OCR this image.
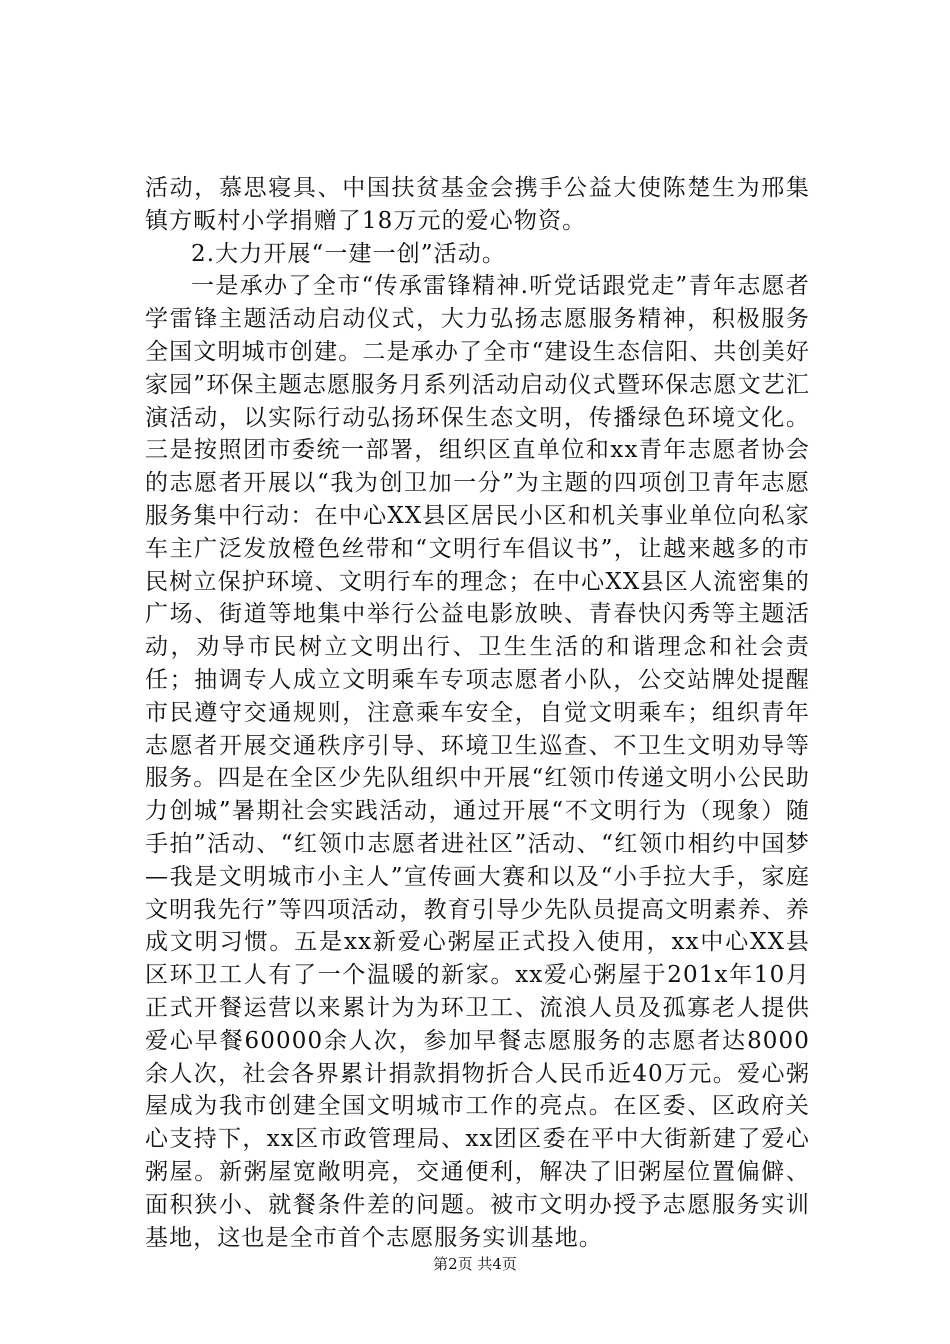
活动，慕思寝具、中国扶贫基金会携手公益大使陈楚生为邢集镇方畈村小学捐赠了18万元的爱心物资。

2.大力开展“一建一创”活动。

一是承办了全市“传承雷锋精神.听党话跟党走”青年志愿者学雷锋主题活动启动仪式，大力弘扬志愿服务精神，积极服务全国文明城市创建。二是承办了全市“建设生态信阳、共创美好家园”环保主题志愿服务月系列活动启动仪式暨环保志愿文艺汇演活动，以实际行动弘扬环保生态文明，传播绿色环境文化。三是按照团市委统一部署，组织区直单位和xx青年志愿者协会的志愿者开展以“我为创卫加一分”为主题的四项创卫青年志愿服务集中行动：在中心XX县区居民小区和机关事业单位向私家车主广泛发放橙色丝带和“文明行车倡议书”，让越来越多的市民树立保护环境、文明行车的理念；在中心XX县区人流密集的广场、街道等地集中举行公益电影放映、青春快闪秀等主题活动，劝导市民树立文明出行、卫生生活的和谐理念和社会责任；抽调专人成立文明乘车专项志愿者小队，公交站牌处提醒市民遵守交通规则，注意乘车安全，自觉文明乘车；组织青年志愿者开展交通秩序引导、环境卫生巡查、不卫生文明劝导等服务。四是在全区少先队组织中开展“红领巾传递文明小公民助力创城”暑期社会实践活动，通过开展“不文明行为（现象）随手拍”活动、“红领巾志愿者进社区”活动、“红领巾相约中国梦—我是文明城市小主人”宣传画大赛和以及“小手拉大手，家庭文明我先行”等四项活动，教育引导少先队员提高文明素养、养成文明习惯。五是xx新爱心粥屋正式投入使用，xx中心XX县区环卫工人有了一个温暖的新家。xx爱心粥屋于201x年10月正式开餐运营以来累计为为环卫工、流浪人员及孤寡老人提供爱心早餐60000余人次，参加早餐志愿服务的志愿者达8000余人次，社会各界累计捐款捐物折合人民币近40万元。爱心粥屋成为我市创建全国文明城市工作的亮点。在区委、区政府关心支持下，xx区市政管理局、xx团区委在平中大街新建了爱心粥屋。新粥屋宽敞明亮，交通便利，解决了旧粥屋位置偏僻、面积狭小、就餐条件差的问题。被市文明办授予志愿服务实训基地，这也是全市首个志愿服务实训基地。

第2页 共4页
